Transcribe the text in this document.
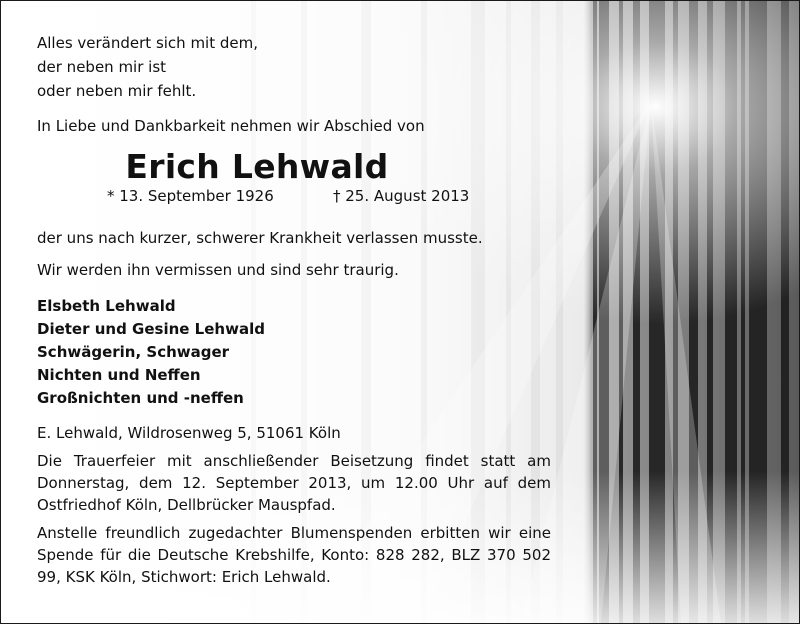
Alles verändert sich mit dem,

der neben mir ist

oder neben mir fehlt.

In Liebe und Dankbarkeit nehmen wir Abschied von

Erich Lehwald

* 13. September 1926	† 25. August 2013

der uns nach kurzer, schwerer Krankheit verlassen musste.

Wir werden ihn vermissen und sind sehr traurig.

Elsbeth Lehwald

Dieter und Gesine Lehwald

Schwägerin, Schwager

Nichten und Neffen

Großnichten und -neffen

E. Lehwald, Wildrosenweg 5, 51061 Köln

Die Trauerfeier mit anschließender Beisetzung findet statt am Donnerstag, dem 12. September 2013, um 12.00 Uhr auf dem Ostfriedhof Köln, Dellbrücker Mauspfad.

Anstelle freundlich zugedachter Blumenspenden erbitten wir eine Spende für die Deutsche Krebshilfe, Konto: 828 282, BLZ 370 502 99, KSK Köln, Stichwort: Erich Lehwald.
